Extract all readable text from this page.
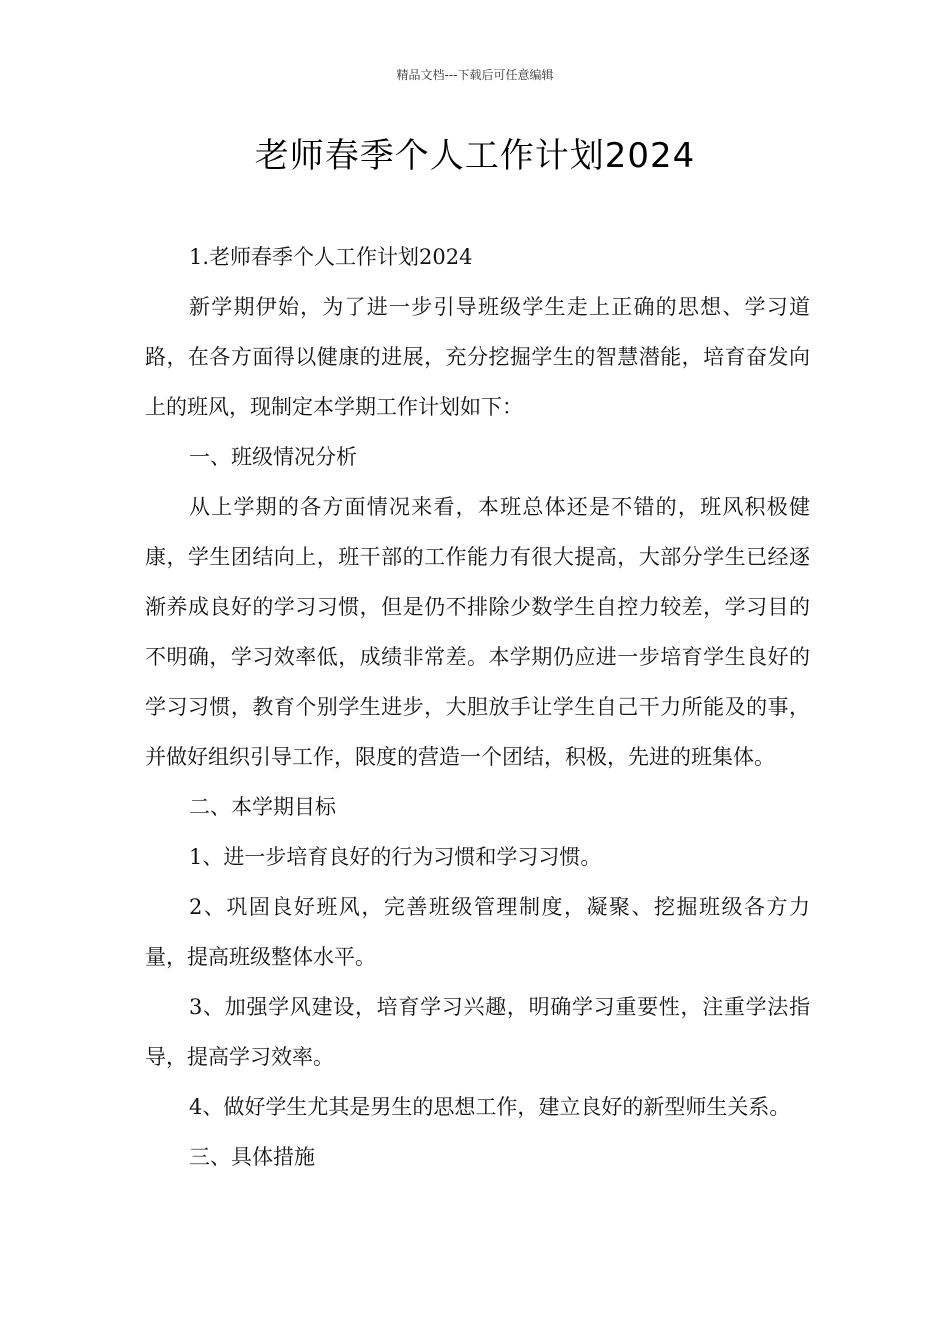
精品文档---下载后可任意编辑
老师春季个人工作计划2024

1.老师春季个人工作计划2024

新学期伊始，为了进一步引导班级学生走上正确的思想、学习道路，在各方面得以健康的进展，充分挖掘学生的智慧潜能，培育奋发向上的班风，现制定本学期工作计划如下：

一、班级情况分析

从上学期的各方面情况来看，本班总体还是不错的，班风积极健康，学生团结向上，班干部的工作能力有很大提高，大部分学生已经逐渐养成良好的学习习惯，但是仍不排除少数学生自控力较差，学习目的不明确，学习效率低，成绩非常差。本学期仍应进一步培育学生良好的学习习惯，教育个别学生进步，大胆放手让学生自己干力所能及的事，并做好组织引导工作，限度的营造一个团结，积极，先进的班集体。

二、本学期目标

1、进一步培育良好的行为习惯和学习习惯。

2、巩固良好班风，完善班级管理制度，凝聚、挖掘班级各方力量，提高班级整体水平。

3、加强学风建设，培育学习兴趣，明确学习重要性，注重学法指导，提高学习效率。

4、做好学生尤其是男生的思想工作，建立良好的新型师生关系。

三、具体措施
